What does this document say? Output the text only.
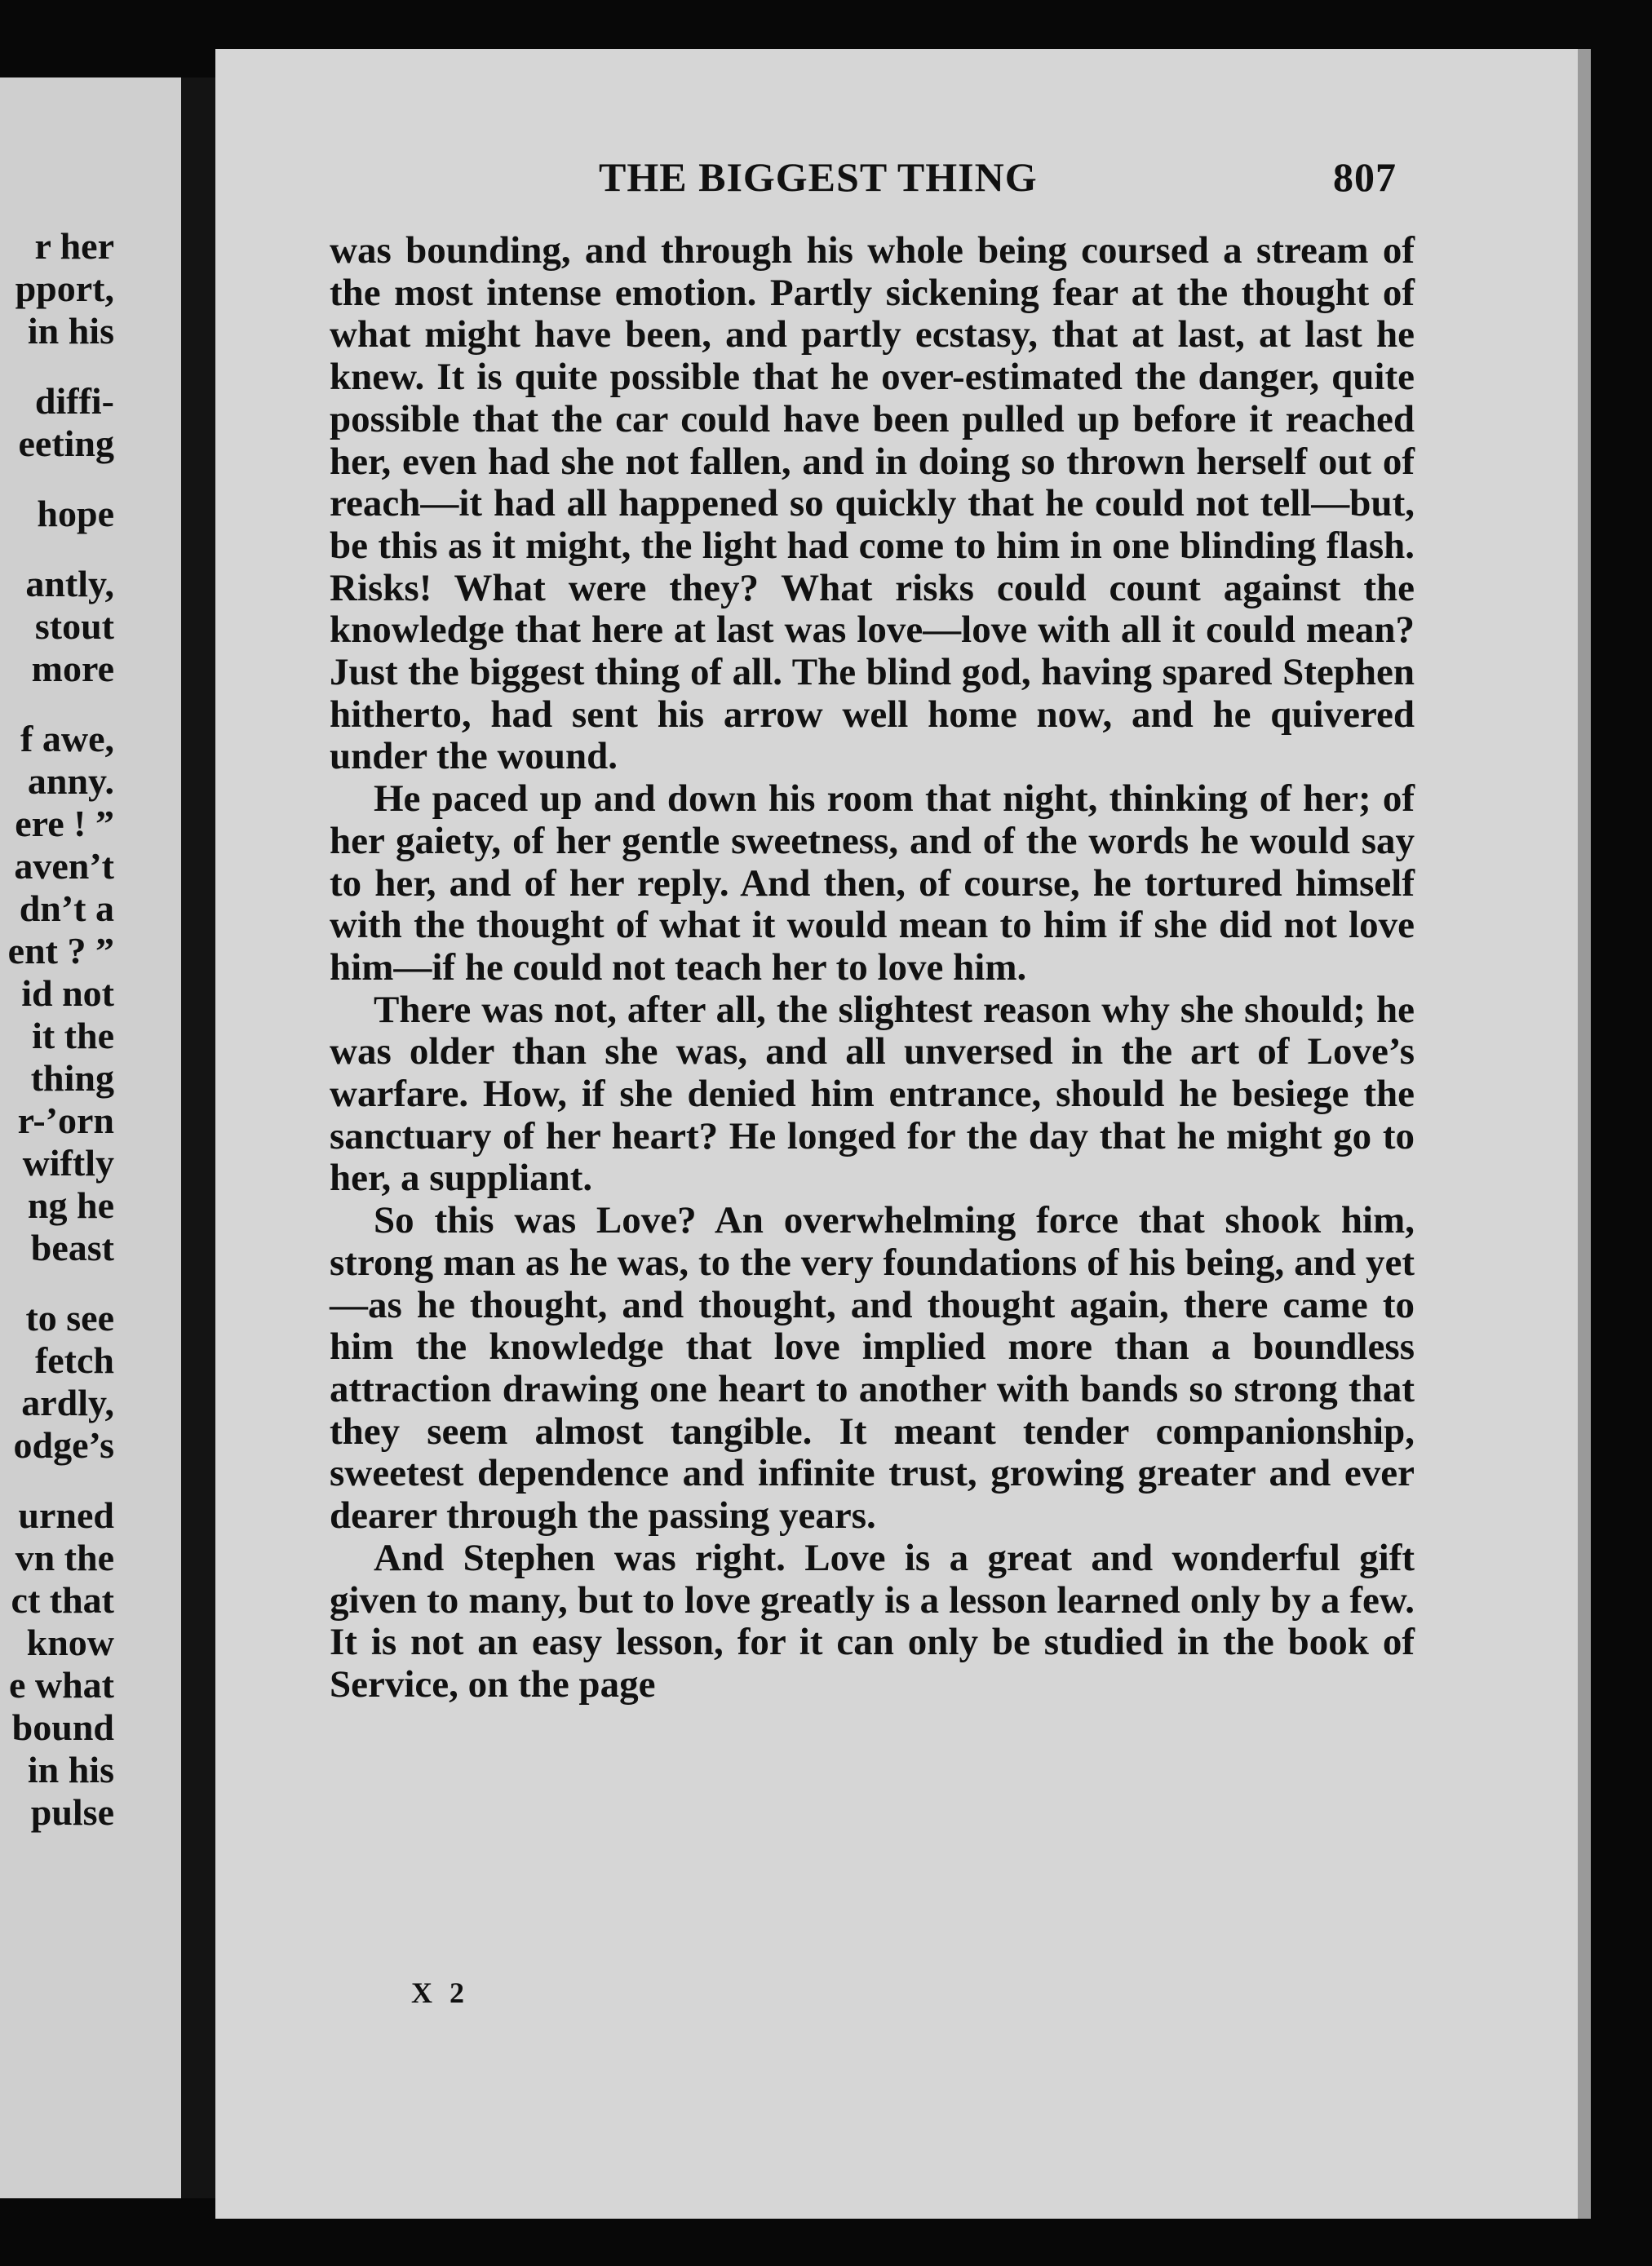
r her
pport,
in his
diffi-
eeting
hope
antly,
stout
more
f awe,
anny.
ere ! ”
aven’t
dn’t a
ent ? ”
id not
it the
thing
r-’orn
wiftly
ng he
beast
to see
fetch
ardly,
odge’s
urned
vn the
ct that
know
e what
bound
in his
pulse
THE BIGGEST THING	807

was bounding, and through his whole being coursed a stream of the most intense emotion. Partly sickening fear at the thought of what might have been, and partly ecstasy, that at last, at last he knew. It is quite possible that he over-estimated the danger, quite possible that the car could have been pulled up before it reached her, even had she not fallen, and in doing so thrown herself out of reach—it had all happened so quickly that he could not tell—but, be this as it might, the light had come to him in one blinding flash. Risks! What were they? What risks could count against the knowledge that here at last was love—love with all it could mean? Just the biggest thing of all. The blind god, having spared Stephen hitherto, had sent his arrow well home now, and he quivered under the wound.

He paced up and down his room that night, thinking of her; of her gaiety, of her gentle sweetness, and of the words he would say to her, and of her reply. And then, of course, he tortured himself with the thought of what it would mean to him if she did not love him—if he could not teach her to love him.

There was not, after all, the slightest reason why she should; he was older than she was, and all unversed in the art of Love’s warfare. How, if she denied him entrance, should he besiege the sanctuary of her heart? He longed for the day that he might go to her, a suppliant.

So this was Love? An overwhelming force that shook him, strong man as he was, to the very foundations of his being, and yet—as he thought, and thought, and thought again, there came to him the knowledge that love implied more than a boundless attraction drawing one heart to another with bands so strong that they seem almost tangible. It meant tender companionship, sweetest dependence and infinite trust, growing greater and ever dearer through the passing years.

And Stephen was right. Love is a great and wonderful gift given to many, but to love greatly is a lesson learned only by a few. It is not an easy lesson, for it can only be studied in the book of Service, on the page

X 2
